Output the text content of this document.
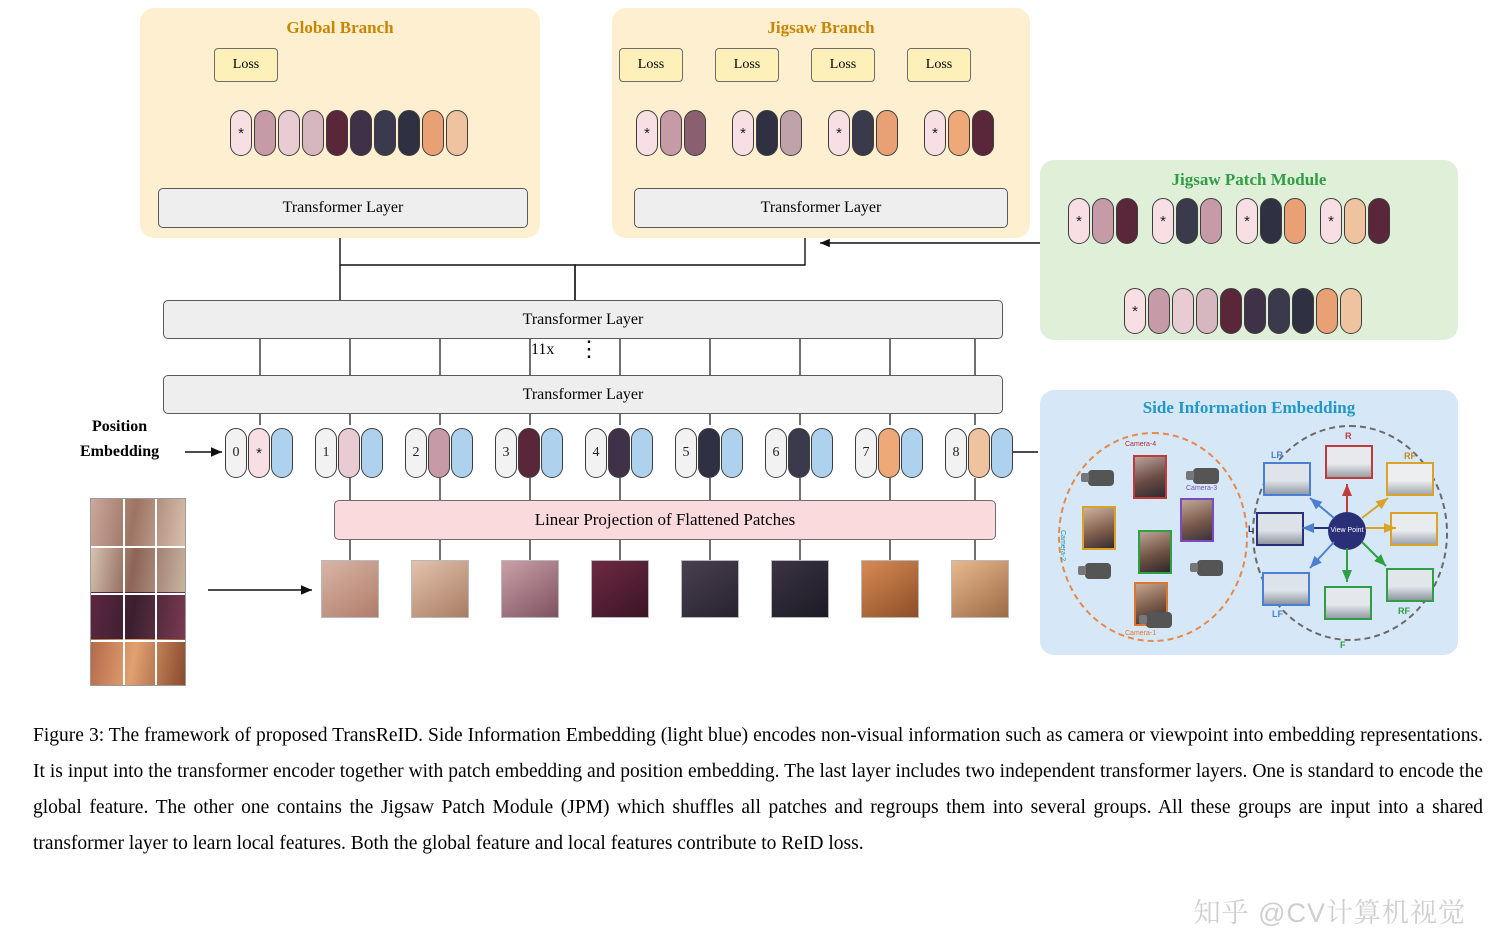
Global Branch
Loss
Transformer Layer
*
Jigsaw Branch
Loss	Loss	Loss	Loss
Transformer Layer
*	*	*	*
Jigsaw Patch Module
*	*	*	*
*
Side Information Embedding
Camera-4
Camera-3
Camera-2
Camera-1
View Point
R
RF
LR
L
LF
F
RF
Transformer Layer
11x ⋮
Transformer Layer
Position
Embedding	0	*	1	2	3	4	5	6	7	8
Linear Projection of Flattened Patches
Figure 3: The framework of proposed TransReID. Side Information Embedding (light blue) encodes non-visual information such as camera or viewpoint into embedding representations. It is input into the transformer encoder together with patch embedding and position embedding. The last layer includes two independent transformer layers. One is standard to encode the global feature. The other one contains the Jigsaw Patch Module (JPM) which shuffles all patches and regroups them into several groups. All these groups are input into a shared transformer layer to learn local features. Both the global feature and local features contribute to ReID loss.
知乎 @CV计算机视觉
